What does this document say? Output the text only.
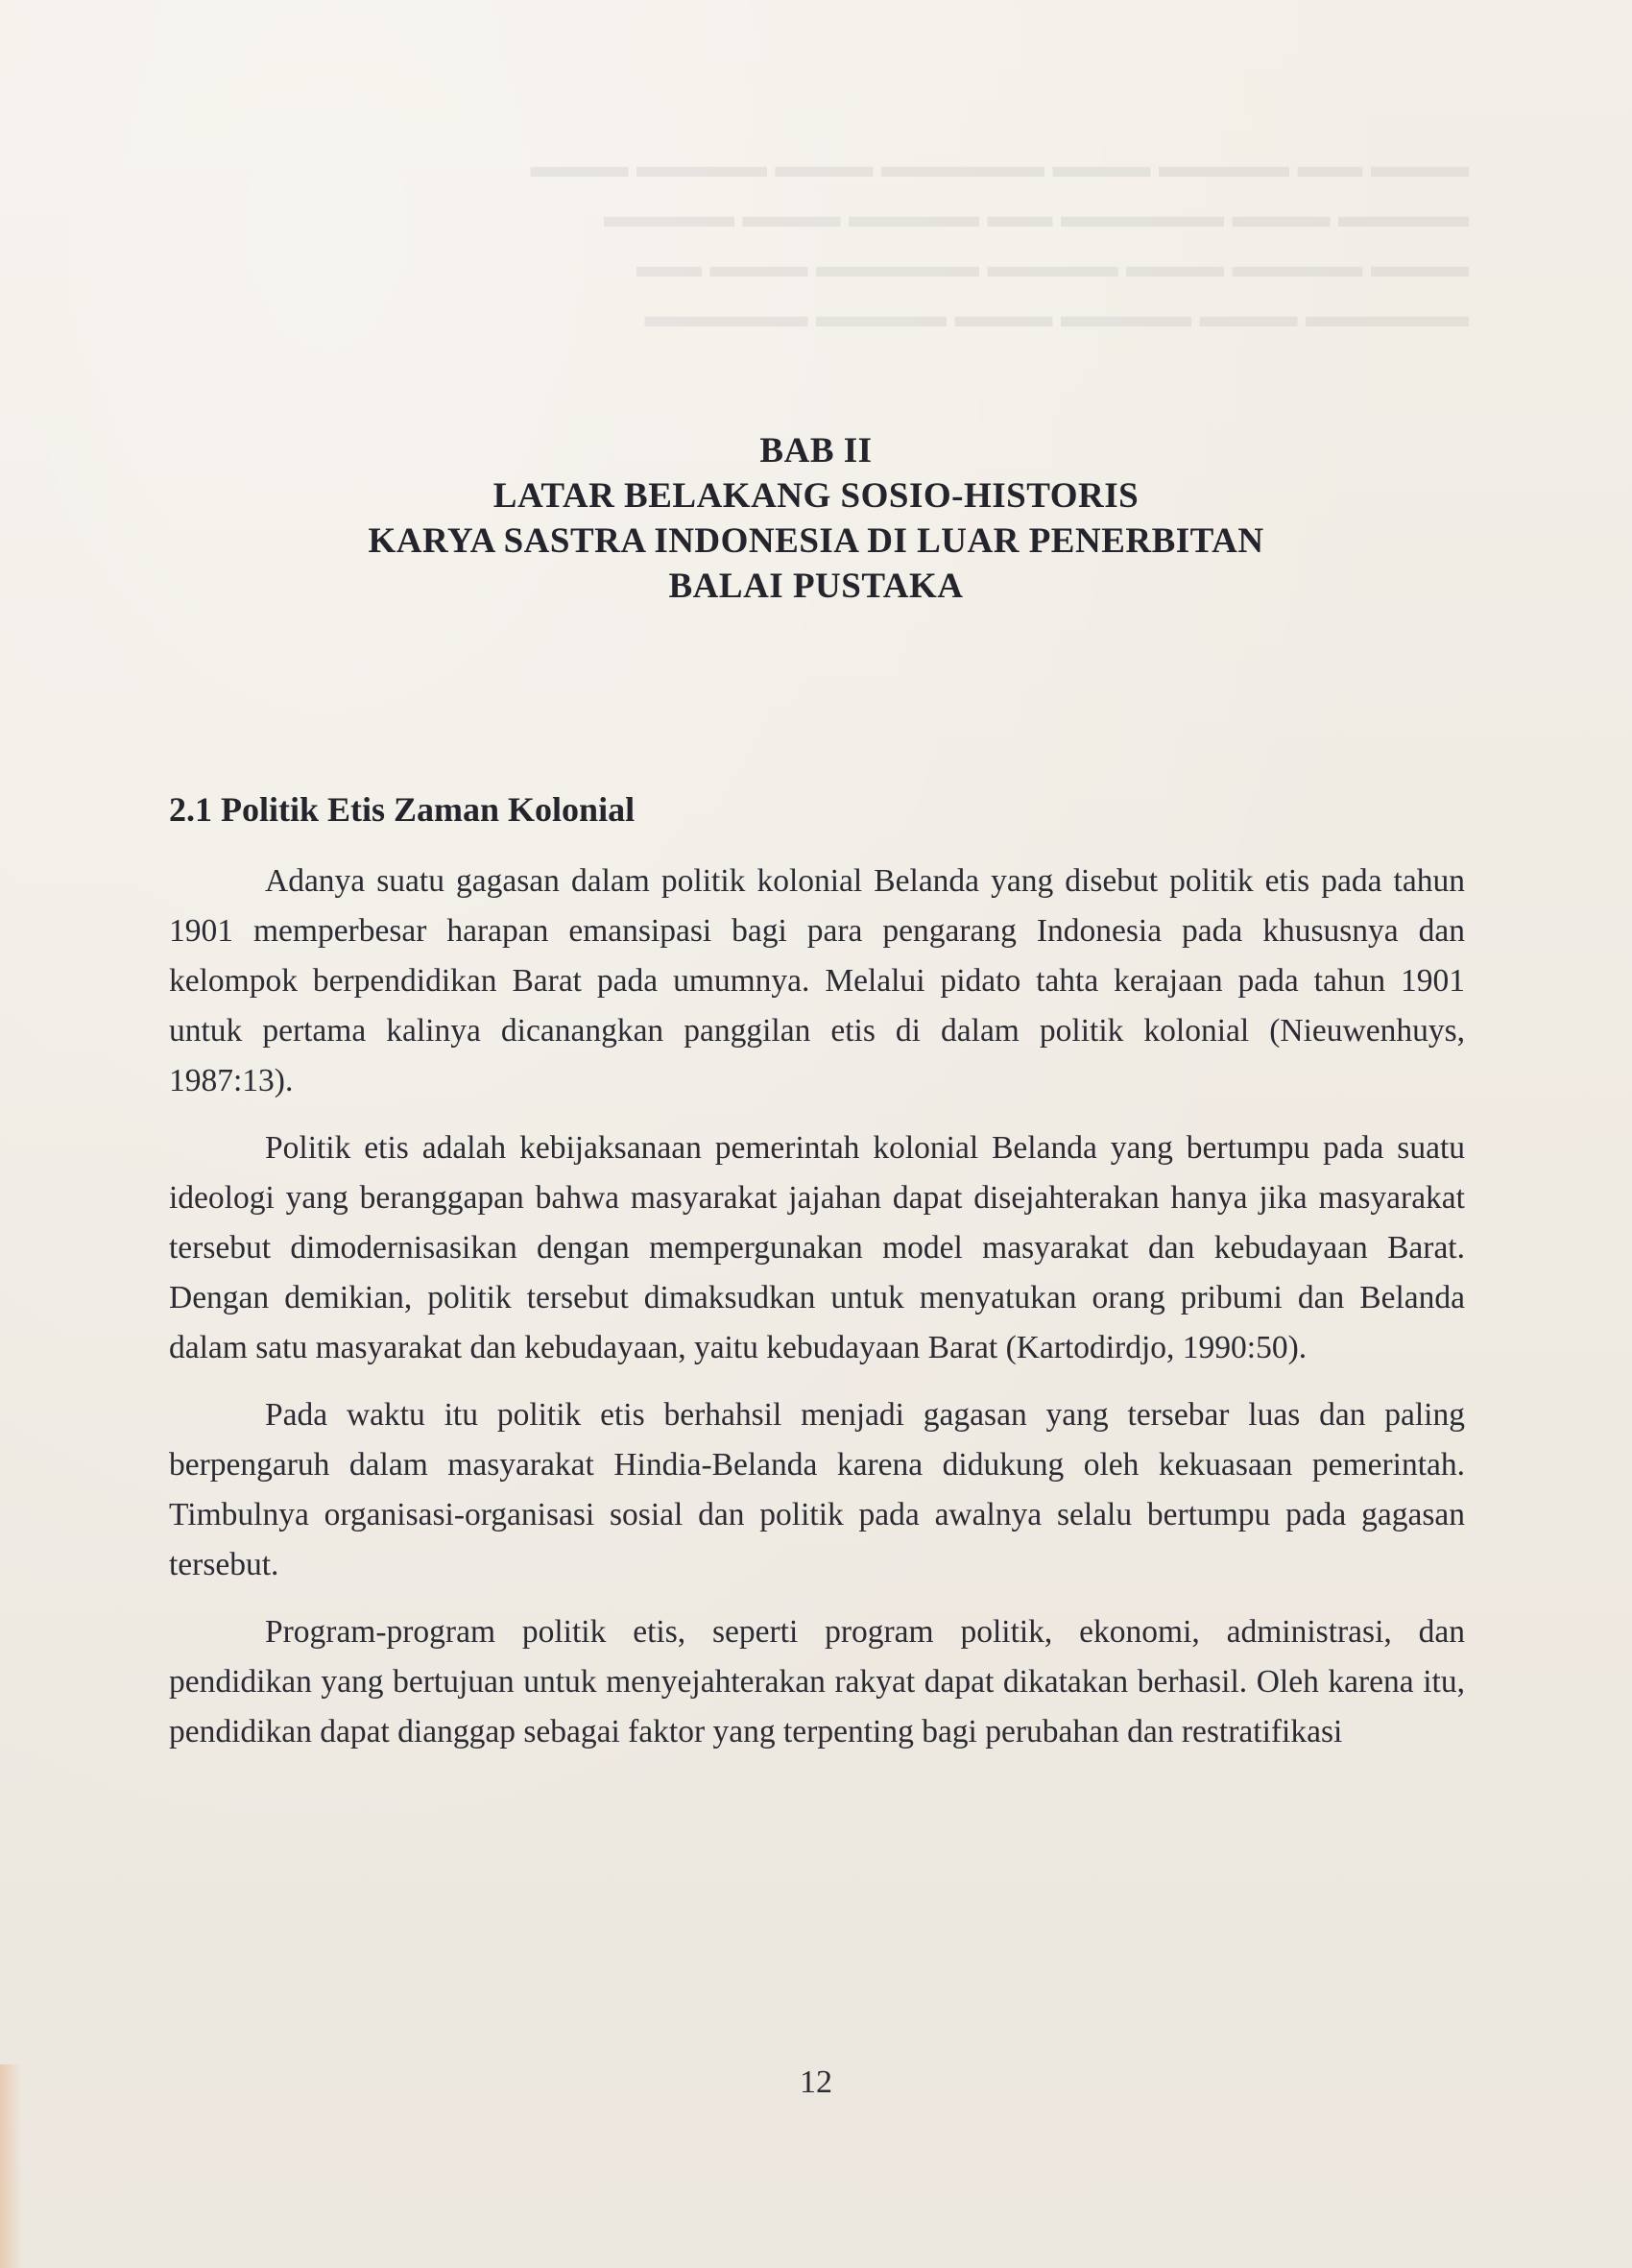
▬▬▬ ▬▬ ▬▬▬▬ ▬▬▬ ▬▬▬▬▬ ▬▬▬ ▬▬▬▬ ▬▬▬
▬▬▬▬ ▬▬▬ ▬▬▬▬▬ ▬▬ ▬▬▬▬ ▬▬▬ ▬▬▬▬
▬▬▬ ▬▬▬▬ ▬▬▬ ▬▬▬▬ ▬▬▬▬▬ ▬▬▬ ▬▬
▬▬▬▬▬ ▬▬▬ ▬▬▬▬ ▬▬▬ ▬▬▬▬ ▬▬▬▬▬
BAB II
LATAR BELAKANG SOSIO-HISTORIS
KARYA SASTRA INDONESIA DI LUAR PENERBITAN
BALAI PUSTAKA
2.1 Politik Etis Zaman Kolonial

Adanya suatu gagasan dalam politik kolonial Belanda yang disebut politik etis pada tahun 1901 memperbesar harapan emansipasi bagi para pengarang Indonesia pada khususnya dan kelompok berpendidikan Barat pada umumnya. Melalui pidato tahta kerajaan pada tahun 1901 untuk pertama kalinya dicanangkan panggilan etis di dalam politik kolonial (Nieuwenhuys, 1987:13).

Politik etis adalah kebijaksanaan pemerintah kolonial Belanda yang bertumpu pada suatu ideologi yang beranggapan bahwa masyarakat jajahan dapat disejahterakan hanya jika masyarakat tersebut dimodernisasikan dengan mempergunakan model masyarakat dan kebudayaan Barat. Dengan demikian, politik tersebut dimaksudkan untuk menyatukan orang pribumi dan Belanda dalam satu masyarakat dan kebudayaan, yaitu kebudayaan Barat (Kartodirdjo, 1990:50).

Pada waktu itu politik etis berhahsil menjadi gagasan yang tersebar luas dan paling berpengaruh dalam masyarakat Hindia-Belanda karena didukung oleh kekuasaan pemerintah. Timbulnya organisasi-organisasi sosial dan politik pada awalnya selalu bertumpu pada gagasan tersebut.

Program-program politik etis, seperti program politik, ekonomi, administrasi, dan pendidikan yang bertujuan untuk menyejahterakan rakyat dapat dikatakan berhasil. Oleh karena itu, pendidikan dapat dianggap sebagai faktor yang terpenting bagi perubahan dan restratifikasi

12
